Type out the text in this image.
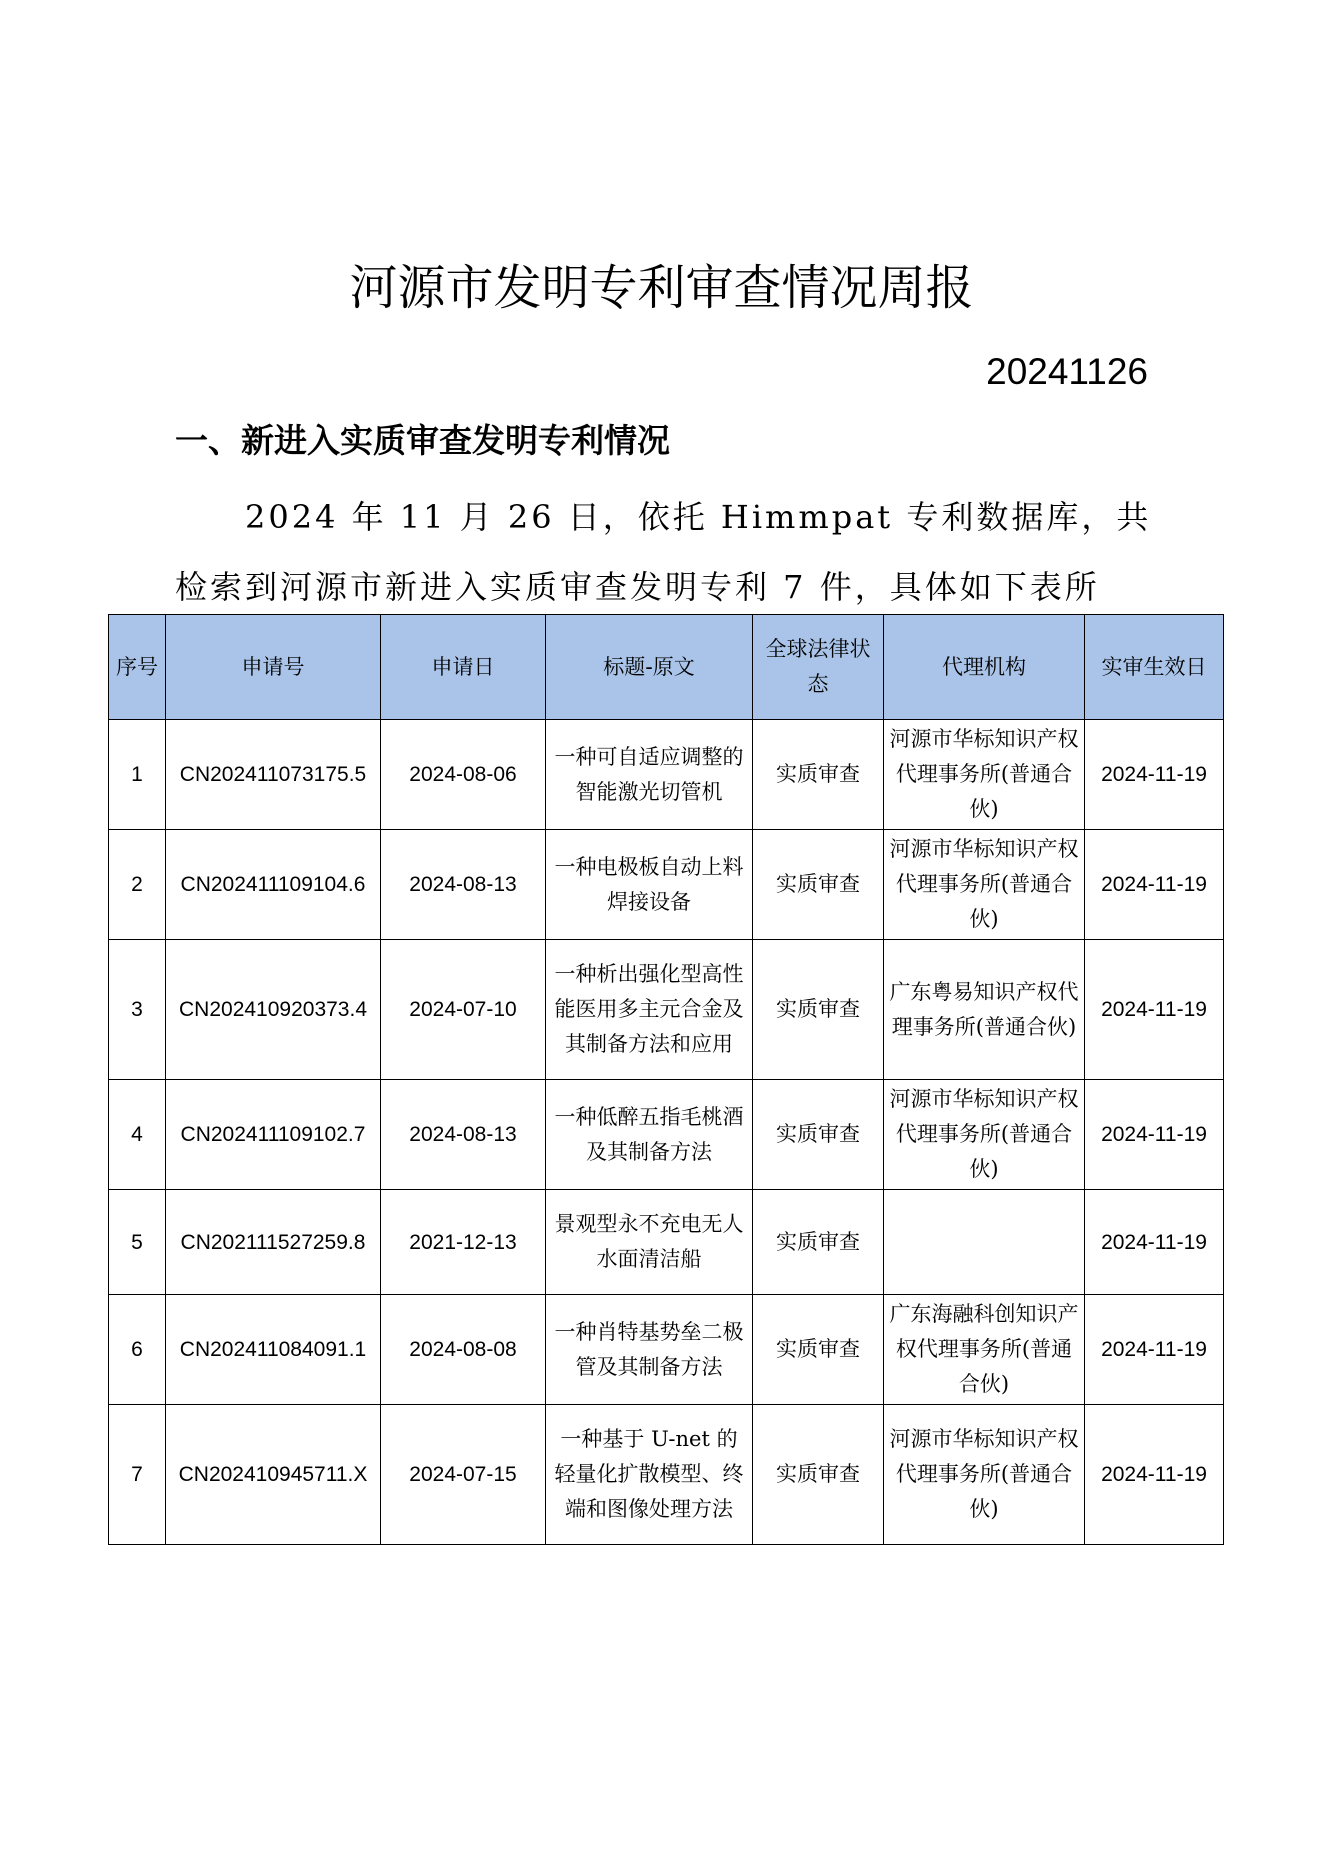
河源市发明专利审查情况周报
20241126
一、新进入实质审查发明专利情况

2024 年 11 月 26 日，依托 Himmpat 专利数据库，共检索到河源市新进入实质审查发明专利 7 件，具体如下表所

序号	申请号	申请日	标题-原文	全球法律状态	代理机构	实审生效日
1	CN202411073175.5	2024-08-06	一种可自适应调整的智能激光切管机	实质审查	河源市华标知识产权代理事务所(普通合伙)	2024-11-19
2	CN202411109104.6	2024-08-13	一种电极板自动上料焊接设备	实质审查	河源市华标知识产权代理事务所(普通合伙)	2024-11-19
3	CN202410920373.4	2024-07-10	一种析出强化型高性能医用多主元合金及其制备方法和应用	实质审查	广东粤易知识产权代理事务所(普通合伙)	2024-11-19
4	CN202411109102.7	2024-08-13	一种低醉五指毛桃酒及其制备方法	实质审查	河源市华标知识产权代理事务所(普通合伙)	2024-11-19
5	CN202111527259.8	2021-12-13	景观型永不充电无人水面清洁船	实质审查		2024-11-19
6	CN202411084091.1	2024-08-08	一种肖特基势垒二极管及其制备方法	实质审查	广东海融科创知识产权代理事务所(普通合伙)	2024-11-19
7	CN202410945711.X	2024-07-15	一种基于 U-net 的轻量化扩散模型、终端和图像处理方法	实质审查	河源市华标知识产权代理事务所(普通合伙)	2024-11-19
